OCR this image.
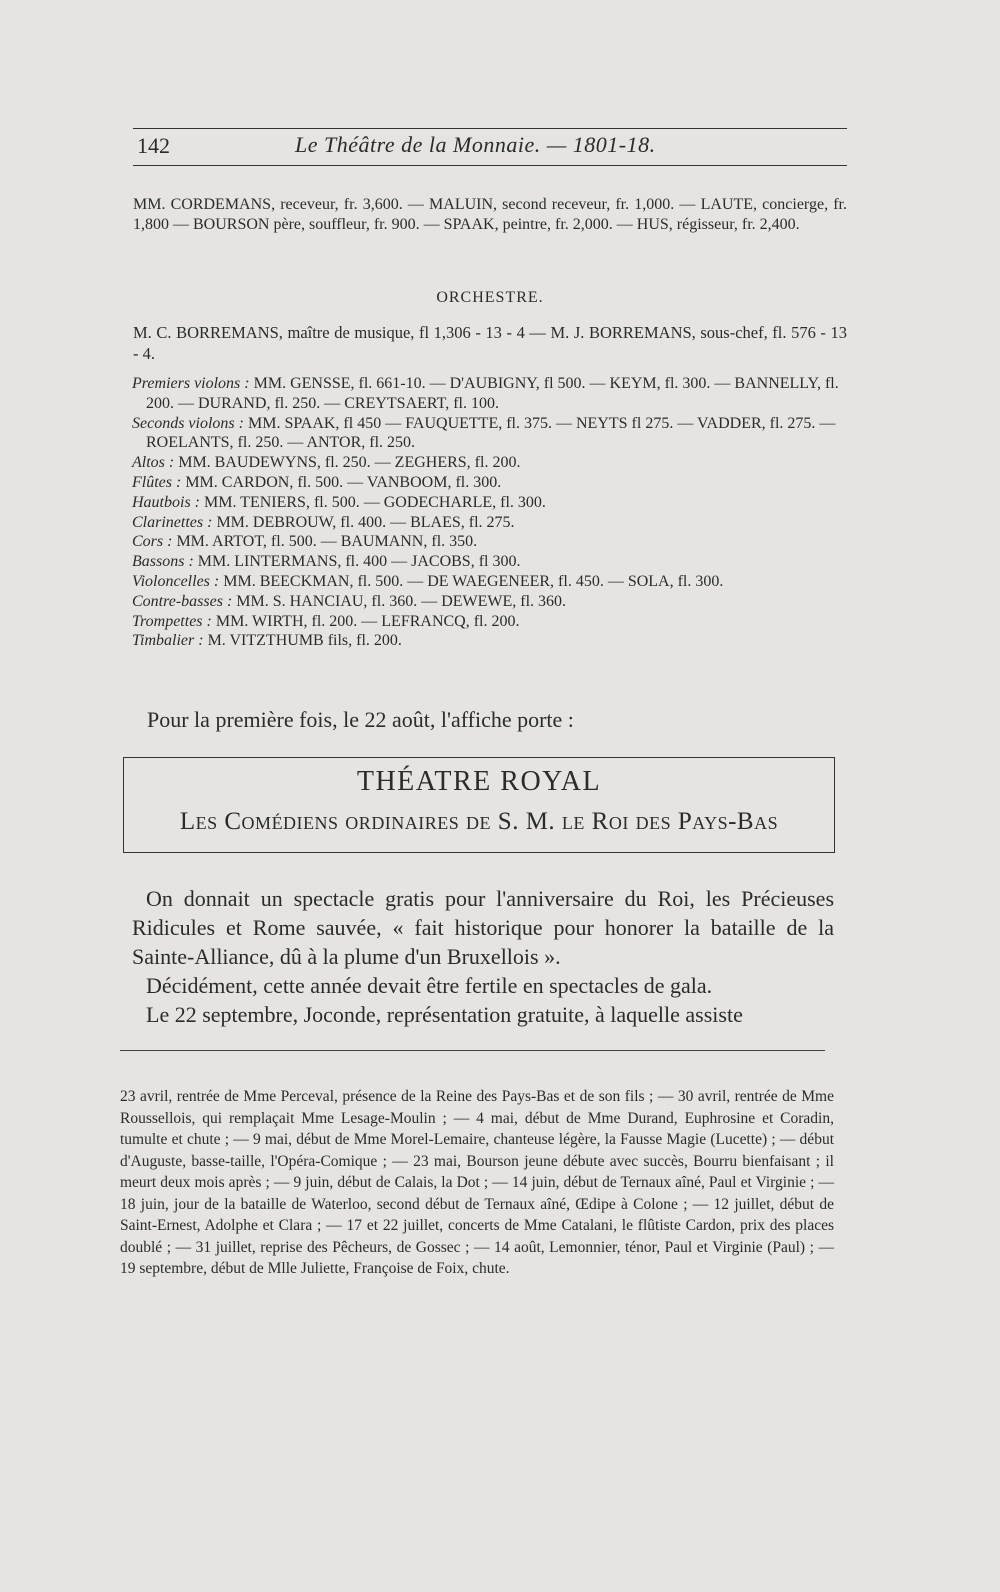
142	Le Théâtre de la Monnaie. — 1801-18.

MM. CORDEMANS, receveur, fr. 3,600. — MALUIN, second receveur, fr. 1,000. — LAUTE, concierge, fr. 1,800 — BOURSON père, souffleur, fr. 900. — SPAAK, peintre, fr. 2,000. — HUS, régisseur, fr. 2,400.

ORCHESTRE.

M. C. BORREMANS, maître de musique, fl 1,306 - 13 - 4 — M. J. BORREMANS, sous-chef, fl. 576 - 13 - 4.

Premiers violons : MM. GENSSE, fl. 661-10. — D'AUBIGNY, fl 500. — KEYM, fl. 300. — BANNELLY, fl. 200. — DURAND, fl. 250. — CREYTSAERT, fl. 100.

Seconds violons : MM. SPAAK, fl 450 — FAUQUETTE, fl. 375. — NEYTS fl 275. — VADDER, fl. 275. — ROELANTS, fl. 250. — ANTOR, fl. 250.

Altos : MM. BAUDEWYNS, fl. 250. — ZEGHERS, fl. 200.

Flûtes : MM. CARDON, fl. 500. — VANBOOM, fl. 300.

Hautbois : MM. TENIERS, fl. 500. — GODECHARLE, fl. 300.

Clarinettes : MM. DEBROUW, fl. 400. — BLAES, fl. 275.

Cors : MM. ARTOT, fl. 500. — BAUMANN, fl. 350.

Bassons : MM. LINTERMANS, fl. 400 — JACOBS, fl 300.

Violoncelles : MM. BEECKMAN, fl. 500. — DE WAEGENEER, fl. 450. — SOLA, fl. 300.

Contre-basses : MM. S. HANCIAU, fl. 360. — DEWEWE, fl. 360.

Trompettes : MM. WIRTH, fl. 200. — LEFRANCQ, fl. 200.

Timbalier : M. VITZTHUMB fils, fl. 200.

Pour la première fois, le 22 août, l'affiche porte :

THÉATRE ROYAL
Les Comédiens ordinaires de S. M. le Roi des Pays-Bas

On donnait un spectacle gratis pour l'anniversaire du Roi, les Précieuses Ridicules et Rome sauvée, « fait historique pour honorer la bataille de la Sainte-Alliance, dû à la plume d'un Bruxellois ».

Décidément, cette année devait être fertile en spectacles de gala.

Le 22 septembre, Joconde, représentation gratuite, à laquelle assiste

23 avril, rentrée de Mme Perceval, présence de la Reine des Pays-Bas et de son fils ; — 30 avril, rentrée de Mme Roussellois, qui remplaçait Mme Lesage-Moulin ; — 4 mai, début de Mme Durand, Euphrosine et Coradin, tumulte et chute ; — 9 mai, début de Mme Morel-Lemaire, chanteuse légère, la Fausse Magie (Lucette) ; — début d'Auguste, basse-taille, l'Opéra-Comique ; — 23 mai, Bourson jeune débute avec succès, Bourru bienfaisant ; il meurt deux mois après ; — 9 juin, début de Calais, la Dot ; — 14 juin, début de Ternaux aîné, Paul et Virginie ; — 18 juin, jour de la bataille de Waterloo, second début de Ternaux aîné, Œdipe à Colone ; — 12 juillet, début de Saint-Ernest, Adolphe et Clara ; — 17 et 22 juillet, concerts de Mme Catalani, le flûtiste Cardon, prix des places doublé ; — 31 juillet, reprise des Pêcheurs, de Gossec ; — 14 août, Lemonnier, ténor, Paul et Virginie (Paul) ; — 19 septembre, début de Mlle Juliette, Françoise de Foix, chute.
